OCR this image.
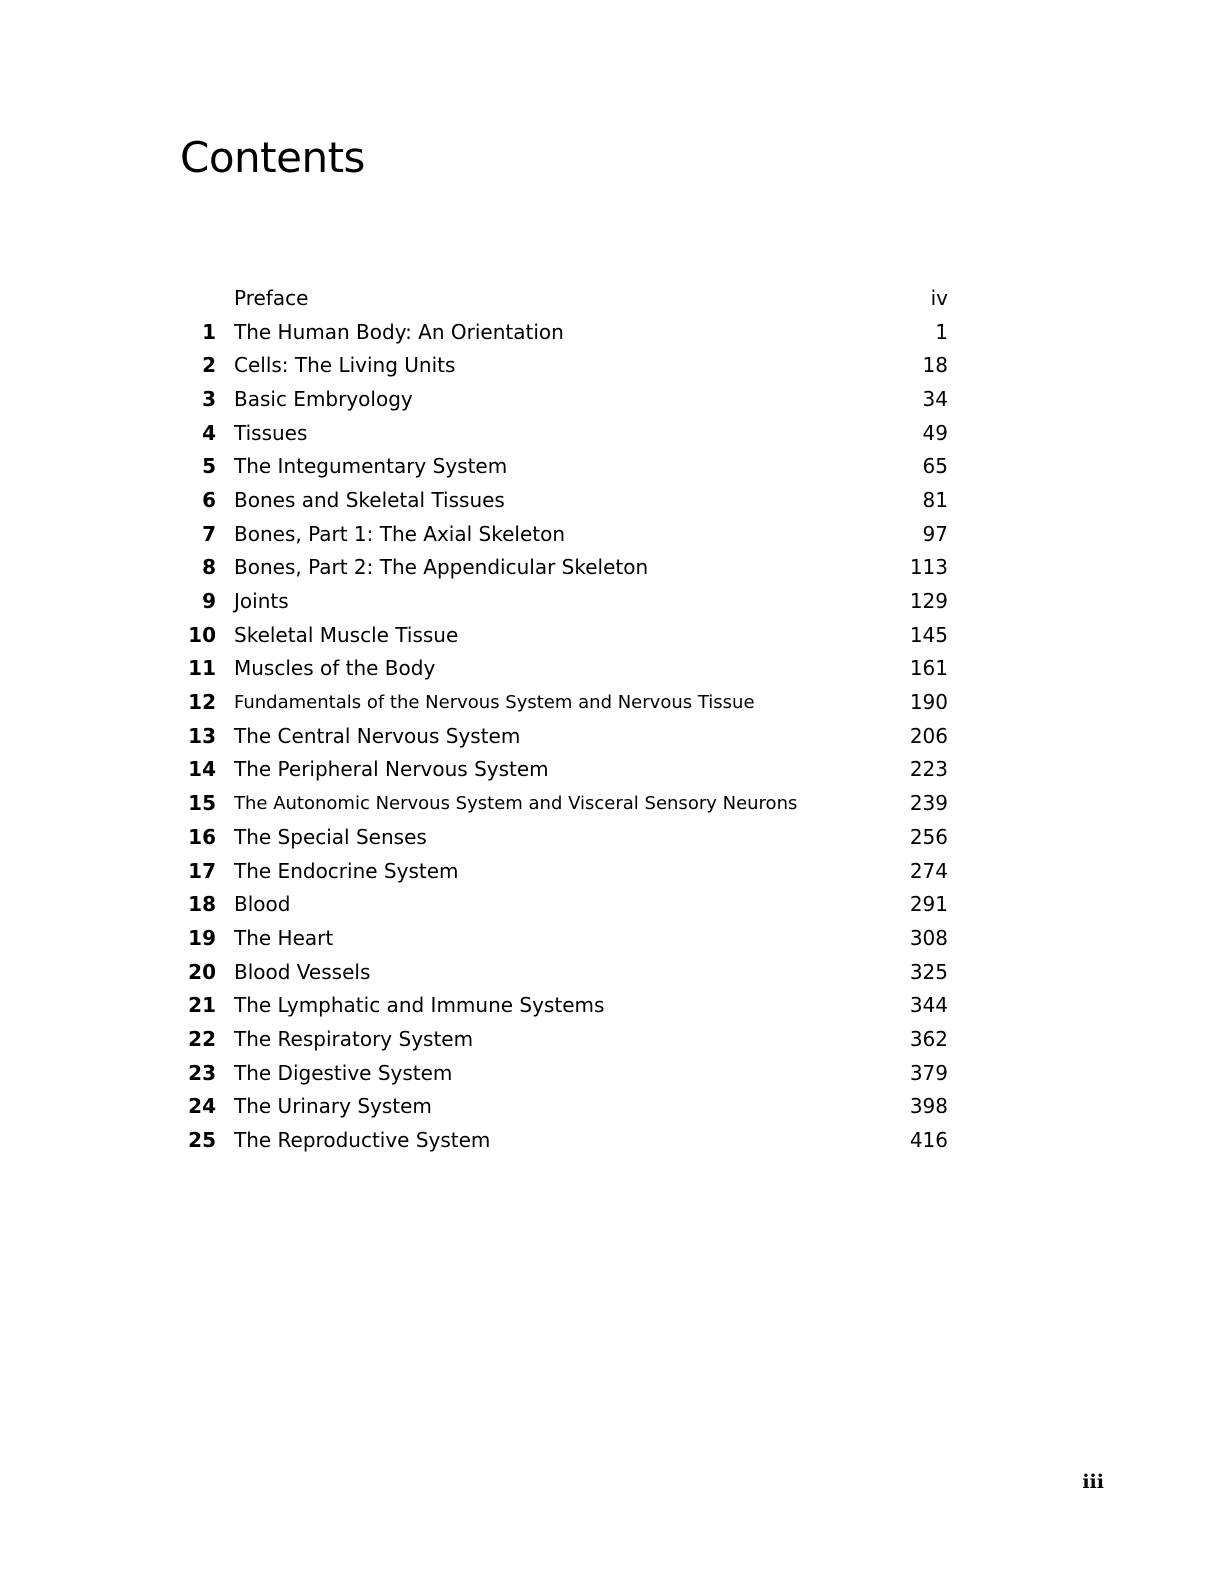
Contents
Preface	iv
1 The Human Body: An Orientation	1
2 Cells: The Living Units	18
3 Basic Embryology	34
4 Tissues	49
5 The Integumentary System	65
6 Bones and Skeletal Tissues	81
7 Bones, Part 1: The Axial Skeleton	97
8 Bones, Part 2: The Appendicular Skeleton	113
9 Joints	129
10 Skeletal Muscle Tissue	145
11 Muscles of the Body	161
12 Fundamentals of the Nervous System and Nervous Tissue	190
13 The Central Nervous System	206
14 The Peripheral Nervous System	223
15 The Autonomic Nervous System and Visceral Sensory Neurons	239
16 The Special Senses	256
17 The Endocrine System	274
18 Blood	291
19 The Heart	308
20 Blood Vessels	325
21 The Lymphatic and Immune Systems	344
22 The Respiratory System	362
23 The Digestive System	379
24 The Urinary System	398
25 The Reproductive System	416
iii
